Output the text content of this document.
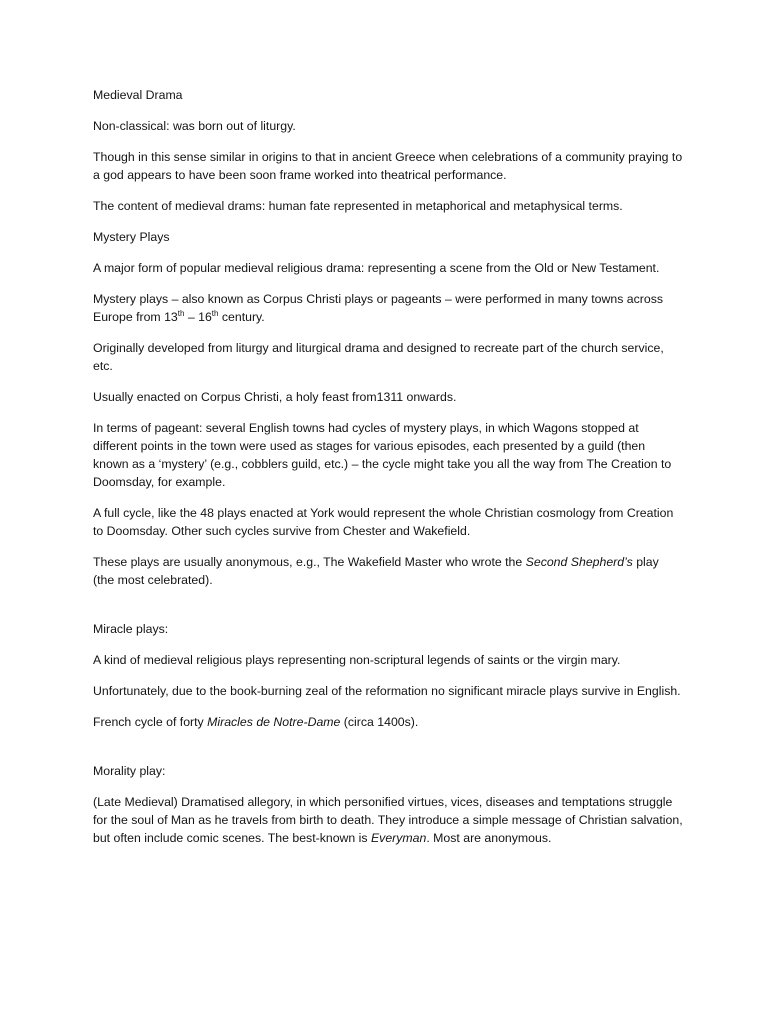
Medieval Drama

Non-classical: was born out of liturgy.

Though in this sense similar in origins to that in ancient Greece when celebrations of a community praying to a god appears to have been soon frame worked into theatrical performance.

The content of medieval drams: human fate represented in metaphorical and metaphysical terms.

Mystery Plays

A major form of popular medieval religious drama: representing a scene from the Old or New Testament.

Mystery plays – also known as Corpus Christi plays or pageants – were performed in many towns across Europe from 13th – 16th century.

Originally developed from liturgy and liturgical drama and designed to recreate part of the church service, etc.

Usually enacted on Corpus Christi, a holy feast from1311 onwards.

In terms of pageant: several English towns had cycles of mystery plays, in which Wagons stopped at different points in the town were used as stages for various episodes, each presented by a guild (then known as a ‘mystery’ (e.g., cobblers guild, etc.) – the cycle might take you all the way from The Creation to Doomsday, for example.

A full cycle, like the 48 plays enacted at York would represent the whole Christian cosmology from Creation to Doomsday. Other such cycles survive from Chester and Wakefield.

These plays are usually anonymous, e.g., The Wakefield Master who wrote the Second Shepherd’s play (the most celebrated).

Miracle plays:

A kind of medieval religious plays representing non-scriptural legends of saints or the virgin mary.

Unfortunately, due to the book-burning zeal of the reformation no significant miracle plays survive in English.

French cycle of forty Miracles de Notre-Dame (circa 1400s).

Morality play:

(Late Medieval) Dramatised allegory, in which personified virtues, vices, diseases and temptations struggle for the soul of Man as he travels from birth to death. They introduce a simple message of Christian salvation, but often include comic scenes. The best-known is Everyman. Most are anonymous.
